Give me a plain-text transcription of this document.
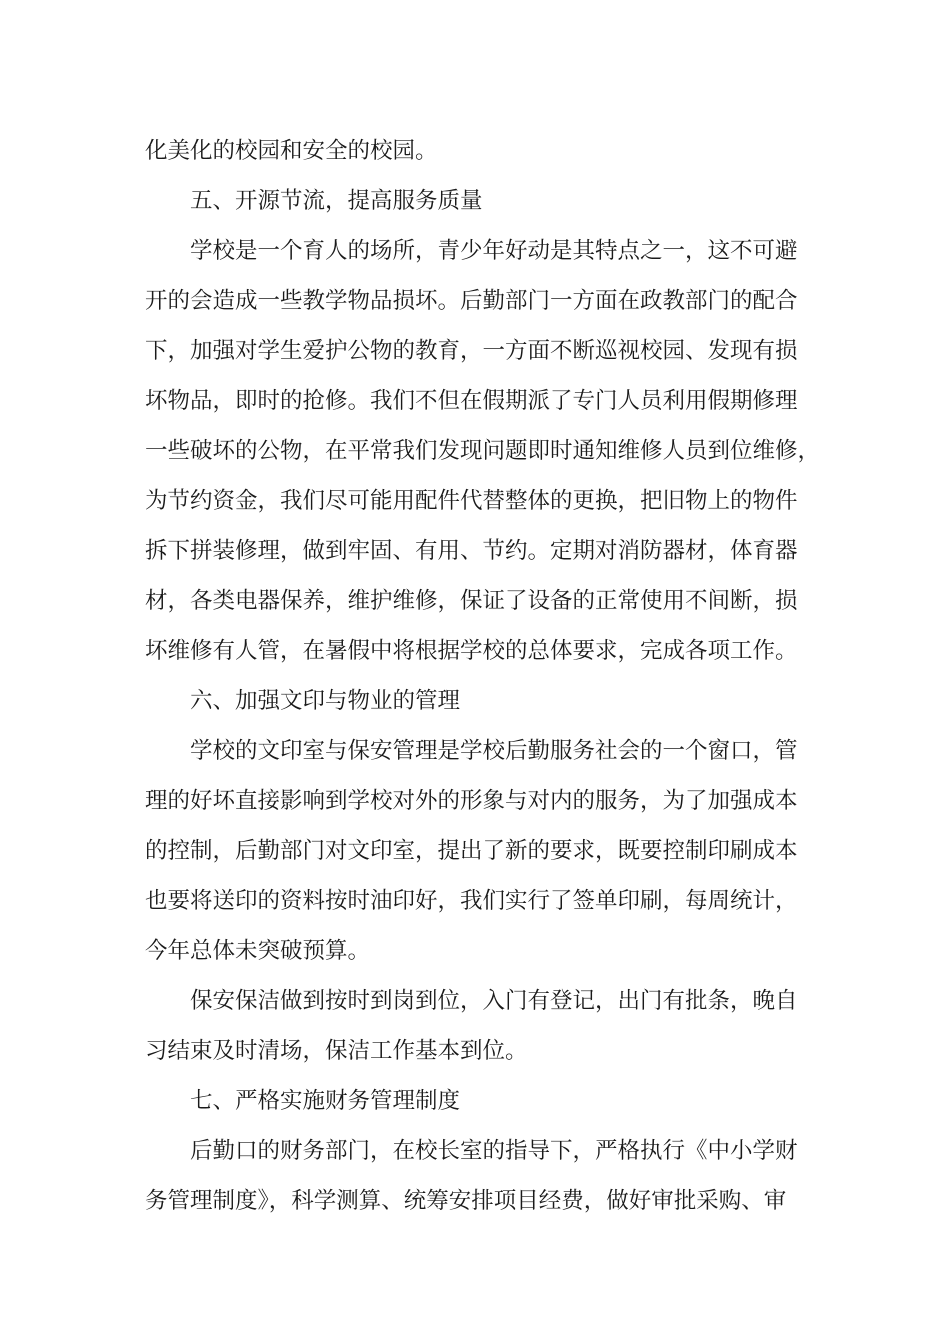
化美化的校园和安全的校园。
五、开源节流，提高服务质量
学校是一个育人的场所，青少年好动是其特点之一，这不可避
开的会造成一些教学物品损坏。后勤部门一方面在政教部门的配合
下，加强对学生爱护公物的教育，一方面不断巡视校园、发现有损
坏物品，即时的抢修。我们不但在假期派了专门人员利用假期修理
一些破坏的公物，在平常我们发现问题即时通知维修人员到位维修，
为节约资金，我们尽可能用配件代替整体的更换，把旧物上的物件
拆下拼装修理，做到牢固、有用、节约。定期对消防器材，体育器
材，各类电器保养，维护维修，保证了设备的正常使用不间断，损
坏维修有人管，在暑假中将根据学校的总体要求，完成各项工作。
六、加强文印与物业的管理
学校的文印室与保安管理是学校后勤服务社会的一个窗口，管
理的好坏直接影响到学校对外的形象与对内的服务，为了加强成本
的控制，后勤部门对文印室，提出了新的要求，既要控制印刷成本
也要将送印的资料按时油印好，我们实行了签单印刷，每周统计，
今年总体未突破预算。
保安保洁做到按时到岗到位，入门有登记，出门有批条，晚自
习结束及时清场，保洁工作基本到位。
七、严格实施财务管理制度
后勤口的财务部门，在校长室的指导下，严格执行《中小学财
务管理制度》，科学测算、统筹安排项目经费，做好审批采购、审
